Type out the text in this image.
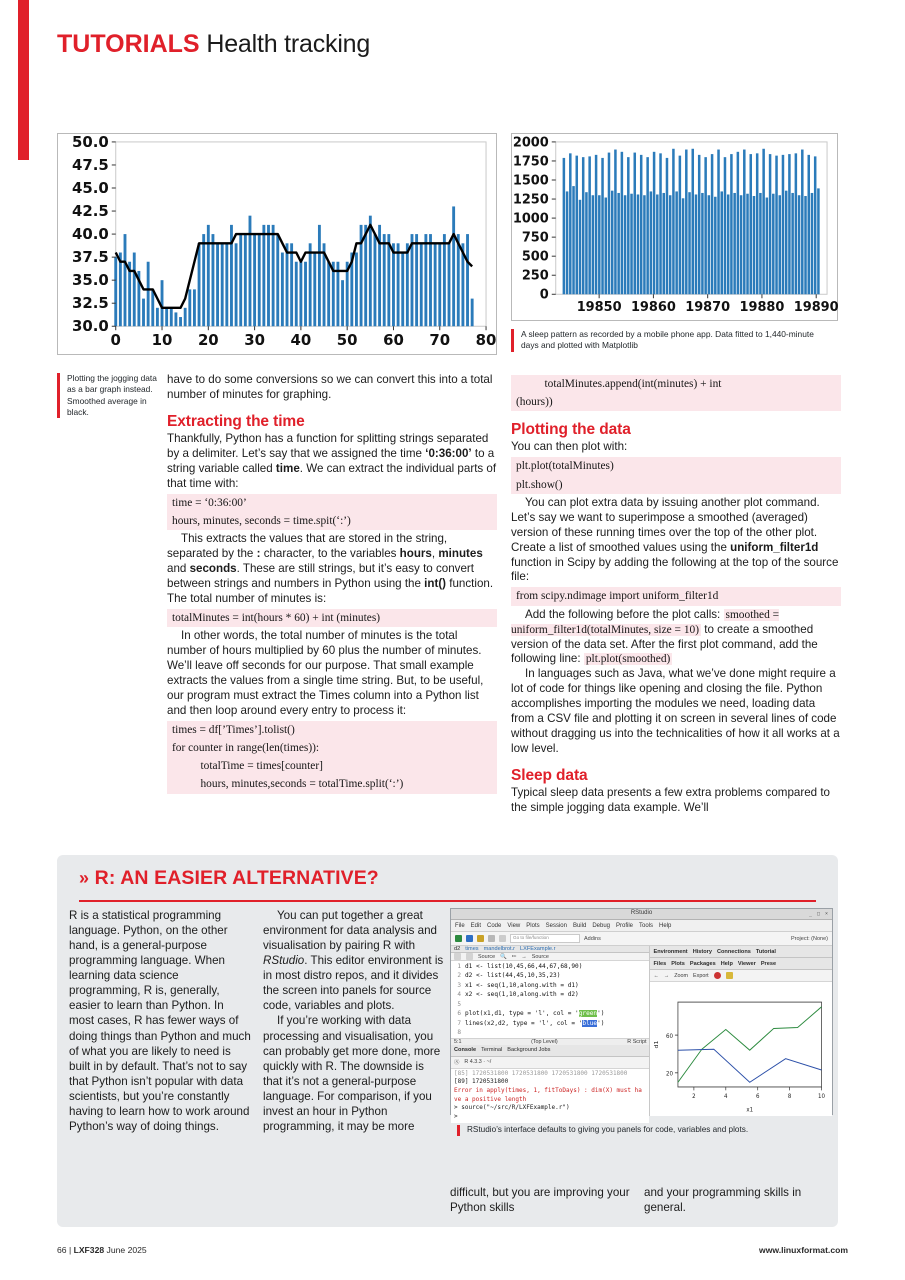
TUTORIALS Health tracking
30.0
32.5
35.0
37.5
40.0
42.5
45.0
47.5
50.0
0 10 20 30 40 50 60 70 80
Plotting the jogging data as a bar graph instead. Smoothed average in black.
0
250
500
750
1000
1250
1500
1750
2000
19850 19860 19870 19880 19890
A sleep pattern as recorded by a mobile phone app. Data fitted to 1,440-minute days and plotted with Matplotlib

have to do some conversions so we can convert this into a total number of minutes for graphing.

Extracting the time

Thankfully, Python has a function for splitting strings separated by a delimiter. Let’s say that we assigned the time ‘0:36:00’ to a string variable called time. We can extract the individual parts of that time with:

time = ‘0:36:00’
hours, minutes, seconds = time.spit(‘:’)

This extracts the values that are stored in the string, separated by the : character, to the variables hours, minutes and seconds. These are still strings, but it’s easy to convert between strings and numbers in Python using the int() function. The total number of minutes is:

totalMinutes = int(hours * 60) + int (minutes)

In other words, the total number of minutes is the total number of hours multiplied by 60 plus the number of minutes. We’ll leave off seconds for our purpose. That small example extracts the values from a single time string. But, to be useful, our program must extract the Times column into a Python list and then loop around every entry to process it:

times = df[’Times’].tolist()
for counter in range(len(times)):
totalTime = times[counter]
hours, minutes,seconds = totalTime.split(‘:’)
totalMinutes.append(int(minutes) + int
(hours))
Plotting the data

You can then plot with:

plt.plot(totalMinutes)
plt.show()

You can plot extra data by issuing another plot command. Let’s say we want to superimpose a smoothed (averaged) version of these running times over the top of the other plot. Create a list of smoothed values using the uniform_filter1d function in Scipy by adding the following at the top of the source file:

from scipy.ndimage import uniform_filter1d

Add the following before the plot calls: smoothed = uniform_filter1d(totalMinutes, size = 10) to create a smoothed version of the data set. After the first plot command, add the following line: plt.plot(smoothed)

In languages such as Java, what we’ve done might require a lot of code for things like opening and closing the file. Python accomplishes importing the modules we need, loading data from a CSV file and plotting it on screen in several lines of code without dragging us into the technicalities of how it all works at a low level.

Sleep data

Typical sleep data presents a few extra problems compared to the simple jogging data example. We’ll

» R: AN EASIER ALTERNATIVE?

R is a statistical programming language. Python, on the other hand, is a general-purpose programming language. When learning data science programming, R is, generally, easier to learn than Python. In most cases, R has fewer ways of doing things than Python and much of what you are likely to need is built in by default. That’s not to say that Python isn’t popular with data scientists, but you’re constantly having to learn how to work around Python’s way of doing things.

You can put together a great environment for data analysis and visualisation by pairing R with RStudio. This editor environment is in most distro repos, and it divides the screen into panels for source code, variables and plots.

If you’re working with data processing and visualisation, you can probably get more done, more quickly with R. The downside is that it’s not a general-purpose language. For comparison, if you invest an hour in Python programming, it may be more

RStudio	_ □ ×
File Edit Code View Plots Session Build Debug Profile Tools Help
Go to file/function	Addins	Project: (None)
d2 times mandelbrot.r LXFExample.r
Source 🔍 ✏ → Source
1 d1 <- list(10,45,66,44,67,68,90)
2 d2 <- list(44,45,10,35,23)
3 x1 <- seq(1,10,along.with = d1)
4 x2 <- seq(1,10,along.with = d2)
5
6 plot(x1,d1, type = 'l', col = 'green')
7 lines(x2,d2, type = 'l', col = 'blue')
8
5:1	(Top Level)	R Script
Console Terminal Background Jobs
Ⓢ R 4.3.3 · ~/
[85] 1720531800 1720531800 1720531800 1720531800
[89] 1720531800
Error in apply(times, 1, fitToDays) : dim(X) must ha
ve a positive length
> source("~/src/R/LXFExample.r")
>
Environment History Connections Tutorial
Files Plots Packages Help Viewer Prese
← → Zoom Export
20
60
2	4	6	8	10
d1
x1
RStudio’s interface defaults to giving you panels for code, variables and plots.
difficult, but you are improving your Python skills
and your programming skills in general.
66 | LXF328 June 2025	www.linuxformat.com
